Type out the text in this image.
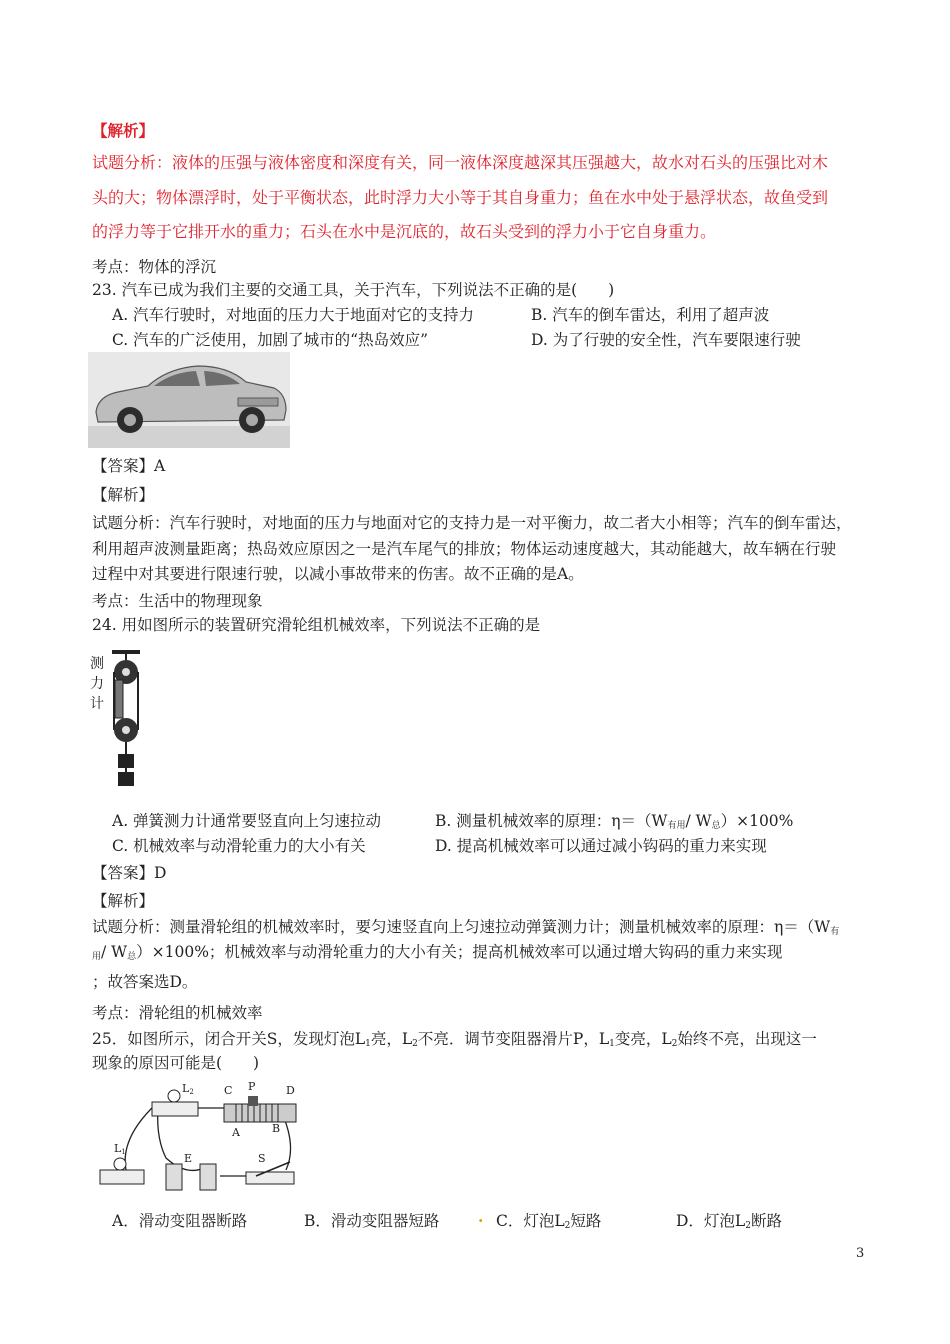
【解析】
试题分析：液体的压强与液体密度和深度有关，同一液体深度越深其压强越大，故水对石头的压强比对木
头的大；物体漂浮时，处于平衡状态，此时浮力大小等于其自身重力；鱼在水中处于悬浮状态，故鱼受到
的浮力等于它排开水的重力；石头在水中是沉底的，故石头受到的浮力小于它自身重力。
考点：物体的浮沉
23. 汽车已成为我们主要的交通工具，关于汽车，下列说法不正确的是(　　)
A. 汽车行驶时，对地面的压力大于地面对它的支持力	B. 汽车的倒车雷达，利用了超声波
C. 汽车的广泛使用，加剧了城市的“热岛效应”	D. 为了行驶的安全性，汽车要限速行驶
【答案】A
【解析】
试题分析：汽车行驶时，对地面的压力与地面对它的支持力是一对平衡力，故二者大小相等；汽车的倒车雷达，
利用超声波测量距离；热岛效应原因之一是汽车尾气的排放；物体运动速度越大，其动能越大，故车辆在行驶
过程中对其要进行限速行驶，以减小事故带来的伤害。故不正确的是A。
考点：生活中的物理现象
24. 用如图所示的装置研究滑轮组机械效率，下列说法不正确的是
测
力
计
A. 弹簧测力计通常要竖直向上匀速拉动	B. 测量机械效率的原理：$\eta=(W_{有用}/$ $W_总)\times 100\%$
C. 机械效率与动滑轮重力的大小有关	D. 提高机械效率可以通过减小钩码的重力来实现
【答案】D
【解析】
试题分析：测量滑轮组的机械效率时，要匀速竖直向上匀速拉动弹簧测力计；测量机械效率的原理：$\eta=(W_有$
$_用$/ $W_总)\times 100\%$；机械效率与动滑轮重力的大小有关；提高机械效率可以通过增大钩码的重力来实现
；故答案选D。
考点：滑轮组的机械效率
25．如图所示，闭合开关S，发现灯泡$L_1$亮，$L_2$不亮．调节变阻器滑片P，$L_1$变亮，$L_2$始终不亮，出现这一
现象的原因可能是(　　)
L2	C P	D
A	B
L1	E	S
A．滑动变阻器断路	B．滑动变阻器短路 . C．灯泡$L_2$短路	D．灯泡$L_2$断路
3
